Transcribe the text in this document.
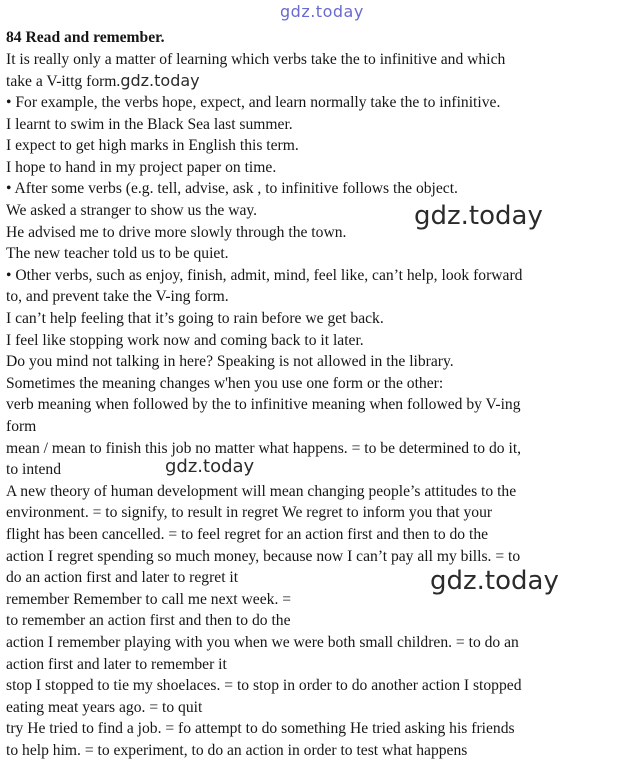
gdz.today
84 Read and remember.
It is really only a matter of learning which verbs take the to infinitive and which
take a V-ittg form.gdz.today
• For example, the verbs hope, expect, and learn normally take the to infinitive.
I learnt to swim in the Black Sea last summer.
I expect to get high marks in English this term.
I hope to hand in my project paper on time.
• After some verbs (e.g. tell, advise, ask , to infinitive follows the object.
We asked a stranger to show us the way.
He advised me to drive more slowly through the town.
The new teacher told us to be quiet.
• Other verbs, such as enjoy, finish, admit, mind, feel like, can’t help, look forward
to, and prevent take the V-ing form.
I can’t help feeling that it’s going to rain before we get back.
I feel like stopping work now and coming back to it later.
Do you mind not talking in here? Speaking is not allowed in the library.
Sometimes the meaning changes w'hen you use one form or the other:
verb meaning when followed by the to infinitive meaning when followed by V-ing
form
mean / mean to finish this job no matter what happens. = to be determined to do it,
to intend
A new theory of human development will mean changing people’s attitudes to the
environment. = to signify, to result in regret We regret to inform you that your
flight has been cancelled. = to feel regret for an action first and then to do the
action I regret spending so much money, because now I can’t pay all my bills. = to
do an action first and later to regret it
remember Remember to call me next week. =
to remember an action first and then to do the
action I remember playing with you when we were both small children. = to do an
action first and later to remember it
stop I stopped to tie my shoelaces. = to stop in order to do another action I stopped
eating meat years ago. = to quit
try He tried to find a job. = fo attempt to do something He tried asking his friends
to help him. = to experiment, to do an action in order to test what happens
gdz.today
gdz.today
gdz.today
